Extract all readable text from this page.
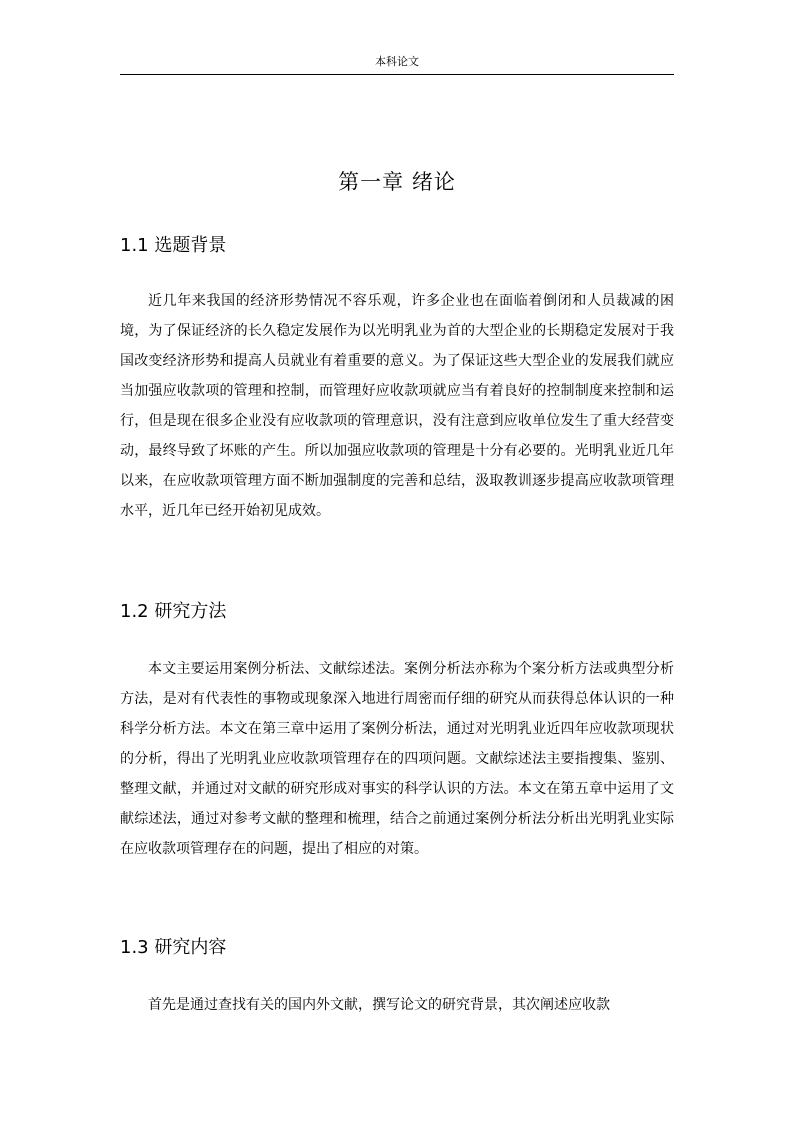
本科论文
第一章 绪论
1.1 选题背景

近几年来我国的经济形势情况不容乐观，许多企业也在面临着倒闭和人员裁减的困境，为了保证经济的长久稳定发展作为以光明乳业为首的大型企业的长期稳定发展对于我国改变经济形势和提高人员就业有着重要的意义。为了保证这些大型企业的发展我们就应当加强应收款项的管理和控制，而管理好应收款项就应当有着良好的控制制度来控制和运行，但是现在很多企业没有应收款项的管理意识，没有注意到应收单位发生了重大经营变动，最终导致了坏账的产生。所以加强应收款项的管理是十分有必要的。光明乳业近几年以来，在应收款项管理方面不断加强制度的完善和总结，汲取教训逐步提高应收款项管理水平，近几年已经开始初见成效。

1.2 研究方法

本文主要运用案例分析法、文献综述法。案例分析法亦称为个案分析方法或典型分析方法，是对有代表性的事物或现象深入地进行周密而仔细的研究从而获得总体认识的一种科学分析方法。本文在第三章中运用了案例分析法，通过对光明乳业近四年应收款项现状的分析，得出了光明乳业应收款项管理存在的四项问题。文献综述法主要指搜集、鉴别、整理文献，并通过对文献的研究形成对事实的科学认识的方法。本文在第五章中运用了文献综述法，通过对参考文献的整理和梳理，结合之前通过案例分析法分析出光明乳业实际在应收款项管理存在的问题，提出了相应的对策。

1.3 研究内容

首先是通过查找有关的国内外文献，撰写论文的研究背景，其次阐述应收款
